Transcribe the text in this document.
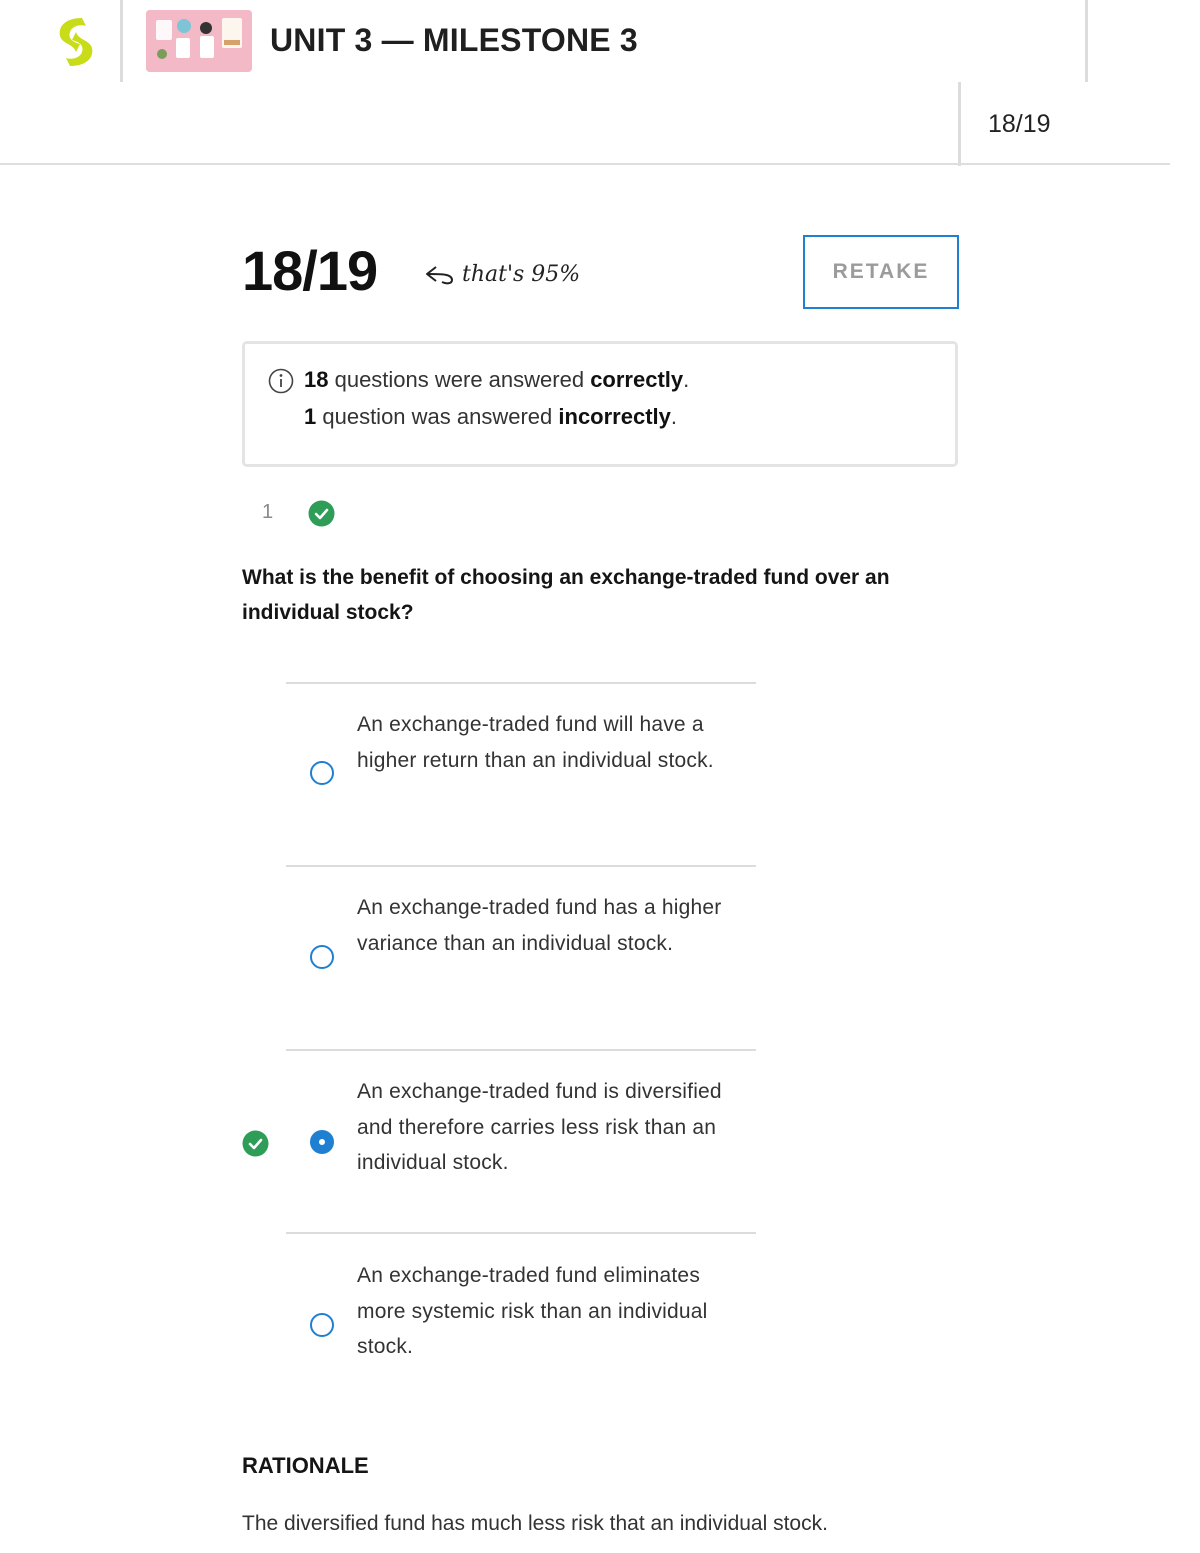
UNIT 3 — MILESTONE 3
18/19
18/19	that's 95%	RETAKE
18 questions were answered correctly.
1 question was answered incorrectly.
1
What is the benefit of choosing an exchange-traded fund over an individual stock?
An exchange-traded fund will have a higher return than an individual stock.
An exchange-traded fund has a higher variance than an individual stock.
An exchange-traded fund is diversified and therefore carries less risk than an individual stock.
An exchange-traded fund eliminates more systemic risk than an individual stock.
RATIONALE
The diversified fund has much less risk that an individual stock.
